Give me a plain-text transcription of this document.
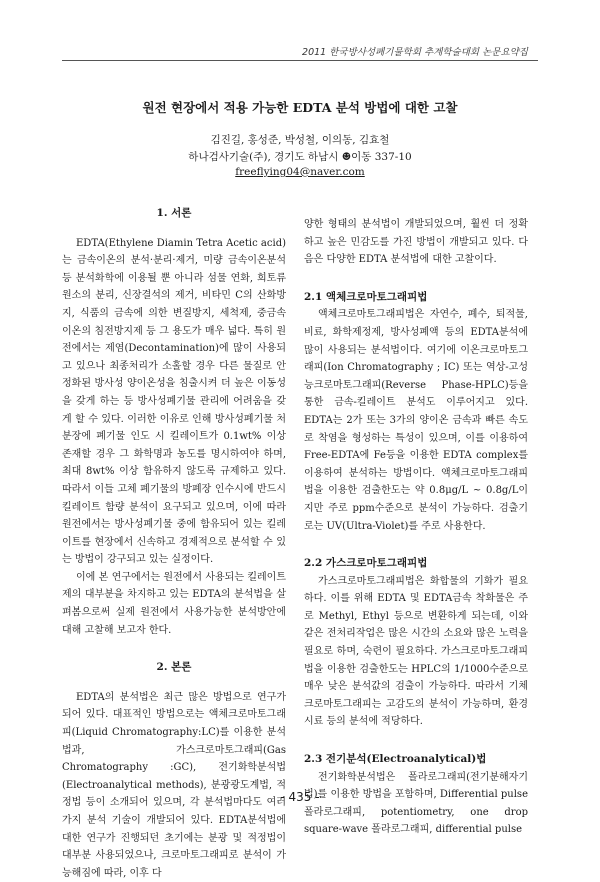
2011 한국방사성폐기물학회 추계학술대회 논문요약집
원전 현장에서 적용 가능한 EDTA 분석 방법에 대한 고찰
김진길, 홍성준, 박성철, 이의동, 김효철
하나검사기술(주), 경기도 하남시 ☻이동 337-10
freeflying04@naver.com

1. 서론

EDTA(Ethylene Diamin Tetra Acetic acid)는 금속이온의 분석·분리·제거, 미량 금속이온분석 등 분석화학에 이용될 뿐 아니라 섬물 연화, 희토류원소의 분리, 신장결석의 제거, 비타민 C의 산화방지, 식품의 금속에 의한 변질방지, 세척제, 중금속 이온의 침전방지제 등 그 용도가 매우 넓다. 특히 원전에서는 제염(Decontamination)에 많이 사용되고 있으나 최종처리가 소홀할 경우 다른 물질로 안정화된 방사성 양이온성을 침출시켜 더 높은 이동성을 갖게 하는 등 방사성폐기물 관리에 어려움을 갖게 할 수 있다. 이러한 이유로 인해 방사성폐기물 처분장에 폐기물 인도 시 킬레이트가 0.1wt% 이상 존재할 경우 그 화학명과 농도를 명시하여야 하며, 최대 8wt% 이상 함유하지 않도록 규제하고 있다. 따라서 이들 고체 폐기물의 방폐장 인수시에 반드시 킬레이트 함량 분석이 요구되고 있으며, 이에 따라 원전에서는 방사성폐기물 중에 함유되어 있는 킬레이트를 현장에서 신속하고 경제적으로 분석할 수 있는 방법이 강구되고 있는 실정이다.

이에 본 연구에서는 원전에서 사용되는 킬레이트제의 대부분을 차지하고 있는 EDTA의 분석법을 살펴봄으로써 실제 원전에서 사용가능한 분석방안에 대해 고찰해 보고자 한다.

2. 본론

EDTA의 분석법은 최근 많은 방법으로 연구가 되어 있다. 대표적인 방법으로는 액체크로마토그래피(Liquid Chromatography:LC)를 이용한 분석법과, 가스크로마토그래피(Gas Chromatography :GC), 전기화학분석법(Electroanalytical methods), 분광광도계법, 적정법 등이 소개되어 있으며, 각 분석법마다도 여러 가지 분석 기술이 개발되어 있다. EDTA분석법에 대한 연구가 진행되던 초기에는 분광 및 적정법이 대부분 사용되었으나, 크로마토그래피로 분석이 가능해짐에 따라, 이후 다

양한 형태의 분석법이 개발되었으며, 훨씬 더 정확하고 높은 민감도를 가진 방법이 개발되고 있다. 다음은 다양한 EDTA 분석법에 대한 고찰이다.

2.1 액체크로마토그래피법

액체크로마토그래피법은 자연수, 폐수, 퇴적물, 비료, 화학제정제, 방사성폐액 등의 EDTA분석에 많이 사용되는 분석법이다. 여기에 이온크로마토그래피(Ion Chromatography ; IC) 또는 역상-고성능크로마토그래피(Reverse Phase-HPLC)등을 통한 금속-킬레이트 분석도 이루어지고 있다. EDTA는 2가 또는 3가의 양이온 금속과 빠른 속도로 착염을 형성하는 특성이 있으며, 이를 이용하여 Free-EDTA에 Fe등을 이용한 EDTA complex를 이용하여 분석하는 방법이다. 액체크로마토그래피법을 이용한 검출한도는 약 0.8μg/L ~ 0.8g/L이지만 주로 ppm수준으로 분석이 가능하다. 검출기로는 UV(Ultra-Violet)를 주로 사용한다.

2.2 가스크로마토그래피법

가스크로마토그래피법은 화합물의 기화가 필요하다. 이를 위해 EDTA 및 EDTA금속 착화물은 주로 Methyl, Ethyl 등으로 변환하게 되는데, 이와 같은 전처리작업은 많은 시간의 소요와 많은 노력을 필요로 하며, 숙련이 필요하다. 가스크로마토그래피법을 이용한 검출한도는 HPLC의 1/1000수준으로 매우 낮은 분석값의 검출이 가능하다. 따라서 기체 크로마토그래피는 고감도의 분석이 가능하며, 환경시료 등의 분석에 적당하다.

2.3 전기분석(Electroanalytical)법

전기화학분석법은 폴라로그래피(전기분해자기법)를 이용한 방법을 포함하며, Differential pulse 폴라로그래피, potentiometry, one drop square-wave 폴라로그래피, differential pulse

- 435 -
